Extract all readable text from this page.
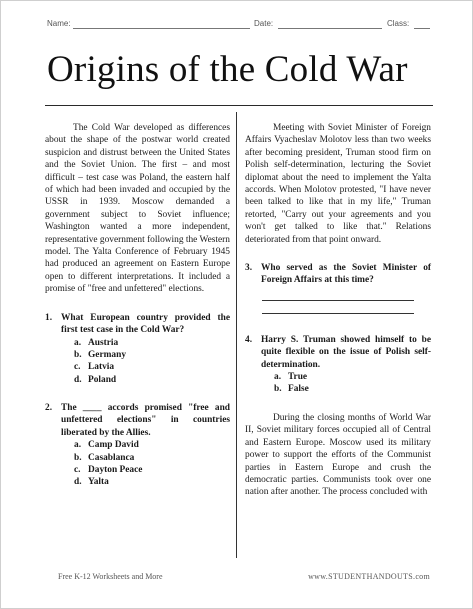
Name:	Date:	Class:
Origins of the Cold War

The Cold War developed as differences about the shape of the postwar world created suspicion and distrust between the United States and the Soviet Union. The first – and most difficult – test case was Poland, the eastern half of which had been invaded and occupied by the USSR in 1939. Moscow demanded a government subject to Soviet influence; Washington wanted a more independent, representative government following the Western model. The Yalta Conference of February 1945 had produced an agreement on Eastern Europe open to different interpretations. It included a promise of "free and unfettered" elections.

1. What European country provided the first test case in the Cold War?
a. Austria
b. Germany
c. Latvia
d. Poland
2. The ____ accords promised "free and unfettered elections" in countries liberated by the Allies.
a. Camp David
b. Casablanca
c. Dayton Peace
d. Yalta

Meeting with Soviet Minister of Foreign Affairs Vyacheslav Molotov less than two weeks after becoming president, Truman stood firm on Polish self-determination, lecturing the Soviet diplomat about the need to implement the Yalta accords. When Molotov protested, "I have never been talked to like that in my life," Truman retorted, "Carry out your agreements and you won't get talked to like that." Relations deteriorated from that point onward.

3. Who served as the Soviet Minister of Foreign Affairs at this time?
4. Harry S. Truman showed himself to be quite flexible on the issue of Polish self-determination.
a. True
b. False

During the closing months of World War II, Soviet military forces occupied all of Central and Eastern Europe. Moscow used its military power to support the efforts of the Communist parties in Eastern Europe and crush the democratic parties. Communists took over one nation after another. The process concluded with

Free K-12 Worksheets and More	www.STUDENTHANDOUTS.com
